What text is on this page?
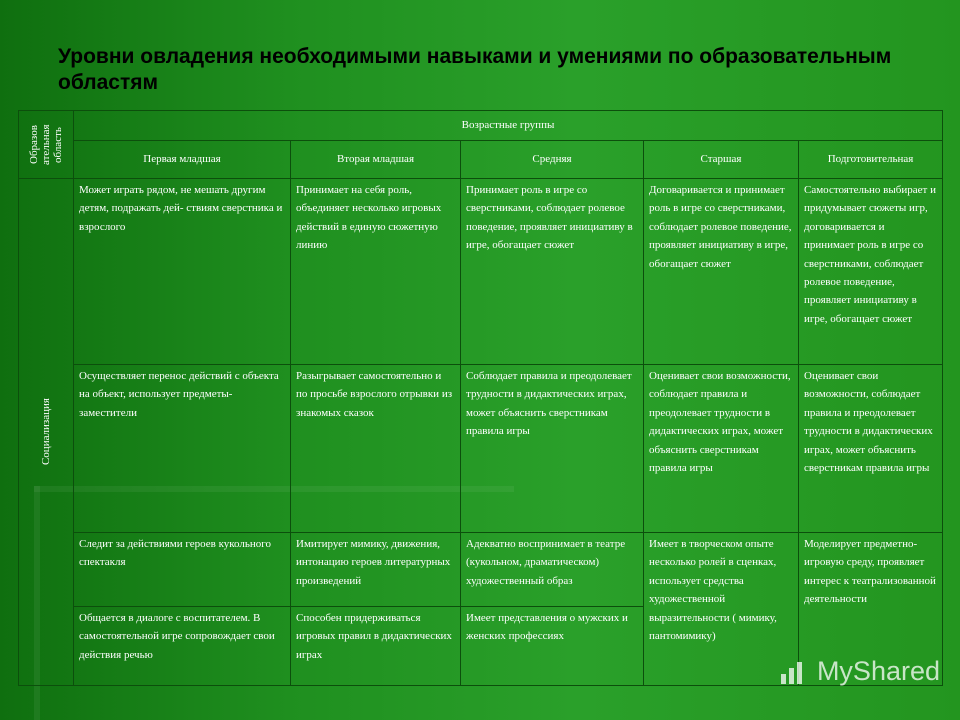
Уровни овладения необходимыми навыками и умениями по образовательным областям
Образов ательная область	Возрастные группы				
	Первая младшая	Вторая младшая	Средняя	Старшая	Подготовительная

Социализация	Может играть рядом, не мешать другим детям, подражать дей- ствиям сверстника и взрослого	Принимает на себя роль, объединяет несколько игровых действий в единую сюжетную линию	Принимает роль в игре со сверстниками, соблюдает ролевое поведение, проявляет инициативу в игре, обогащает сюжет	Договаривается и принимает роль в игре со сверстниками, соблюдает ролевое поведение, проявляет инициативу в игре, обогащает сюжет	Самостоятельно выбирает и придумывает сюжеты игр, договаривается и принимает роль в игре со сверстниками, соблюдает ролевое поведение, проявляет инициативу в игре, обогащает сюжет
	Осуществляет перенос действий с объекта на объект, использует предметы- заместители	Разыгрывает самостоятельно и по просьбе взрослого отрывки из знакомых сказок	Соблюдает правила и преодолевает трудности в дидактических играх, может объяснить сверстникам правила игры	Оценивает свои возможности, соблюдает правила и преодолевает трудности в дидактических играх, может объяснить сверстникам правила игры	Оценивает свои возможности, соблюдает правила и преодолевает трудности в дидактических играх, может объяснить сверстникам правила игры
	Следит за действиями героев кукольного спектакля	Имитирует мимику, движения, интонацию героев литературных произведений	Адекватно воспринимает в театре (кукольном, драматическом) художественный образ	Имеет в творческом опыте несколько ролей в сценках, использует средства художественной выразительности ( мимику, пантомимику)	Моделирует предметно-игровую среду, проявляет интерес к театрализованной деятельности
	Общается в диалоге с воспитателем. В самостоятельной игре сопровождает свои действия речью	Способен придерживаться игровых правил в дидактических играх	Имеет представления о мужских и женских профессиях		
MyShared
